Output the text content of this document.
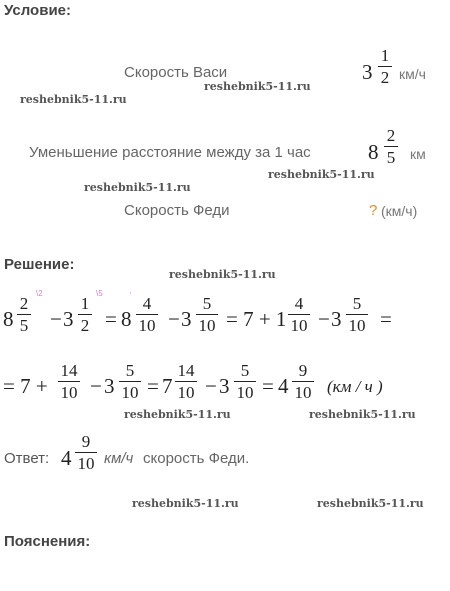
Условие:
Скорость Васи	3
1
2 км/ч
Уменьшение расстояние между за 1 час	8
2
5 км
Скорость Феди	? (км/ч)
Решение:
8
2
5
\2
− 3
1
2
\5
=
'
8
4
10 − 3
5
10 = 7 + 1
4
10 − 3
5
10 =
= 7 +
14
10 − 3
5
10 = 7
14
10 − 3
5
10 = 4
9
10 (км / ч )
Ответ: 4
9
10 км/ч скорость Феди.
Пояснения:
reshebnik5-11.ru
reshebnik5-11.ru
reshebnik5-11.ru
reshebnik5-11.ru
reshebnik5-11.ru
reshebnik5-11.ru	reshebnik5-11.ru
reshebnik5-11.ru	reshebnik5-11.ru
